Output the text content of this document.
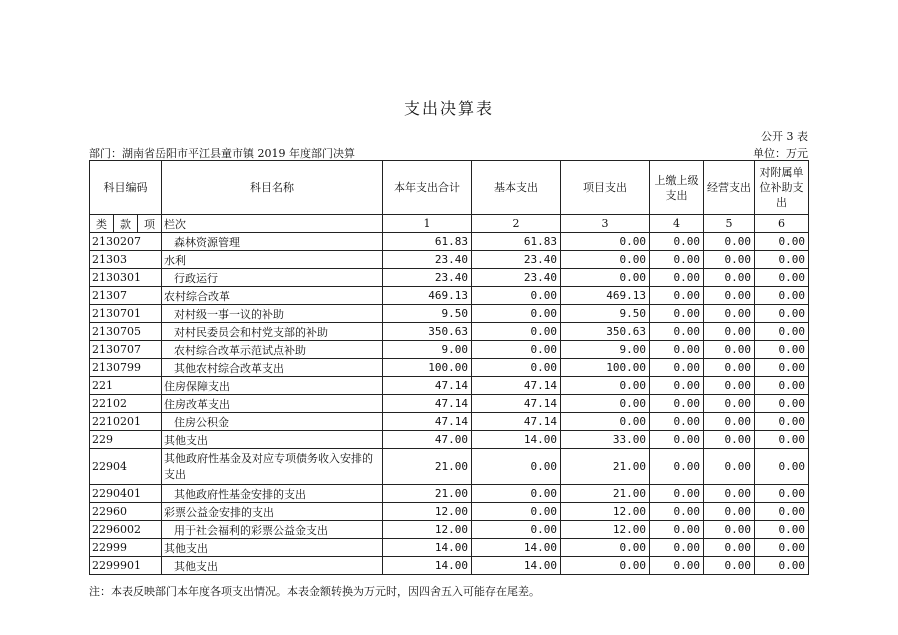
支出决算表
公开 3 表
部门：湖南省岳阳市平江县童市镇 2019 年度部门决算	单位：万元
科目编码			科目名称	本年支出合计	基本支出	项目支出	上缴上级支出	经营支出	对附属单位补助支出
类	款	项	栏次	1	2	3	4	5	6
2130207			森林资源管理	61.83	61.83	0.00	0.00	0.00	0.00
21303			水利	23.40	23.40	0.00	0.00	0.00	0.00
2130301			行政运行	23.40	23.40	0.00	0.00	0.00	0.00
21307			农村综合改革	469.13	0.00	469.13	0.00	0.00	0.00
2130701			对村级一事一议的补助	9.50	0.00	9.50	0.00	0.00	0.00
2130705			对村民委员会和村党支部的补助	350.63	0.00	350.63	0.00	0.00	0.00
2130707			农村综合改革示范试点补助	9.00	0.00	9.00	0.00	0.00	0.00
2130799			其他农村综合改革支出	100.00	0.00	100.00	0.00	0.00	0.00
221			住房保障支出	47.14	47.14	0.00	0.00	0.00	0.00
22102			住房改革支出	47.14	47.14	0.00	0.00	0.00	0.00
2210201			住房公积金	47.14	47.14	0.00	0.00	0.00	0.00
229			其他支出	47.00	14.00	33.00	0.00	0.00	0.00
22904			其他政府性基金及对应专项债务收入安排的支出	21.00	0.00	21.00	0.00	0.00	0.00
2290401			其他政府性基金安排的支出	21.00	0.00	21.00	0.00	0.00	0.00
22960			彩票公益金安排的支出	12.00	0.00	12.00	0.00	0.00	0.00
2296002			用于社会福利的彩票公益金支出	12.00	0.00	12.00	0.00	0.00	0.00
22999			其他支出	14.00	14.00	0.00	0.00	0.00	0.00
2299901			其他支出	14.00	14.00	0.00	0.00	0.00	0.00
注：本表反映部门本年度各项支出情况。本表金额转换为万元时，因四舍五入可能存在尾差。
